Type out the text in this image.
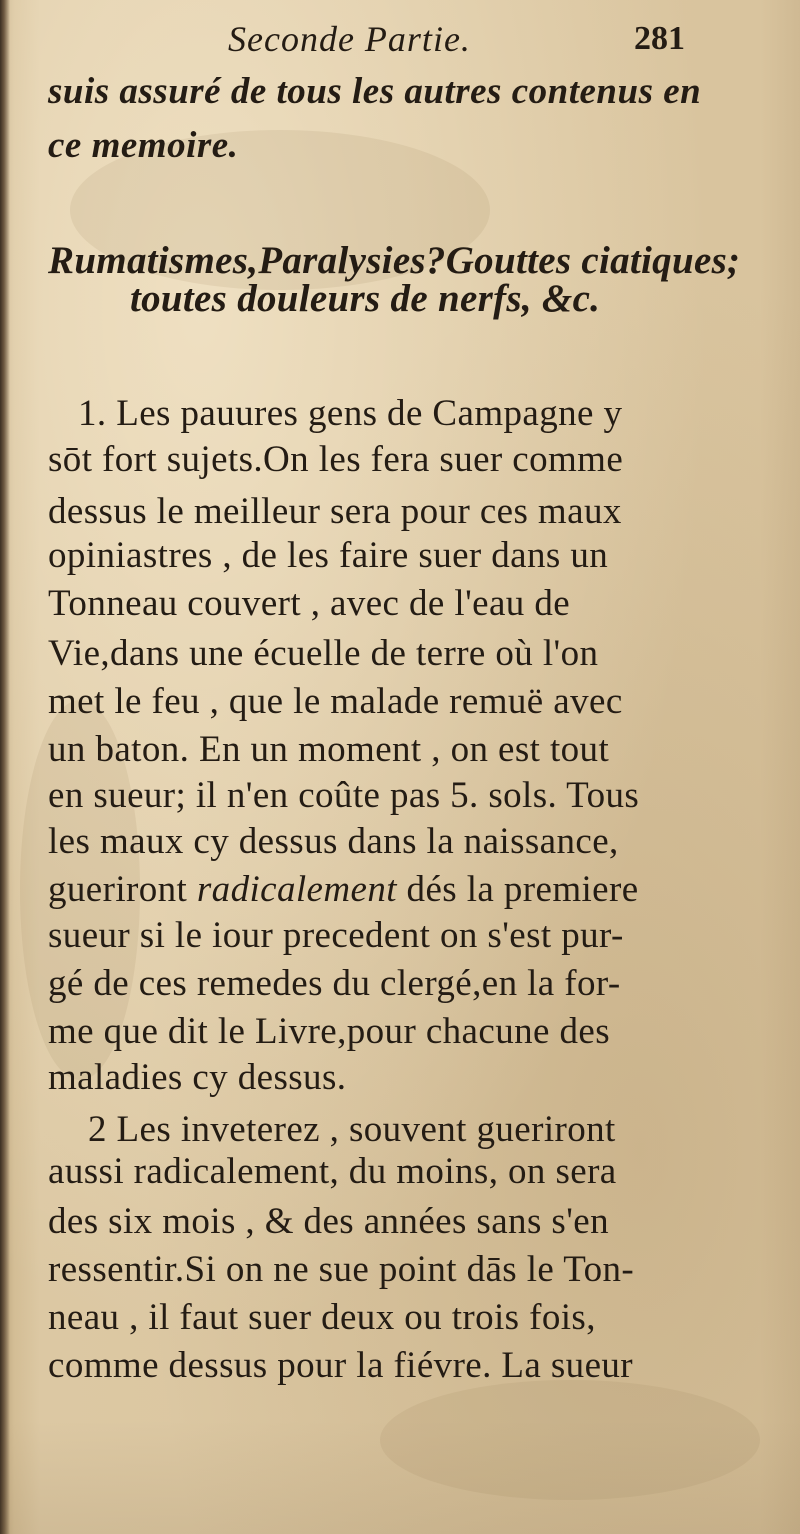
Seconde Partie.	281
suis assuré de tous les autres contenus en
ce memoire.
Rumatismes,Paralysies?Gouttes ciatiques;
toutes douleurs de nerfs, &c.
1. Les pauures gens de Campagne y
sōt fort sujets.On les fera suer comme
dessus le meilleur sera pour ces maux
opiniastres , de les faire suer dans un
Tonneau couvert , avec de l'eau de
Vie,dans une écuelle de terre où l'on
met le feu , que le malade remuë avec
un baton. En un moment , on est tout
en sueur; il n'en coûte pas 5. sols. Tous
les maux cy dessus dans la naissance,
gueriront radicalement dés la premiere
sueur si le iour precedent on s'est pur-
gé de ces remedes du clergé,en la for-
me que dit le Livre,pour chacune des
maladies cy dessus.
2 Les inveterez , souvent gueriront
aussi radicalement, du moins, on sera
des six mois , & des années sans s'en
ressentir.Si on ne sue point dās le Ton-
neau , il faut suer deux ou trois fois,
comme dessus pour la fiévre. La sueur
